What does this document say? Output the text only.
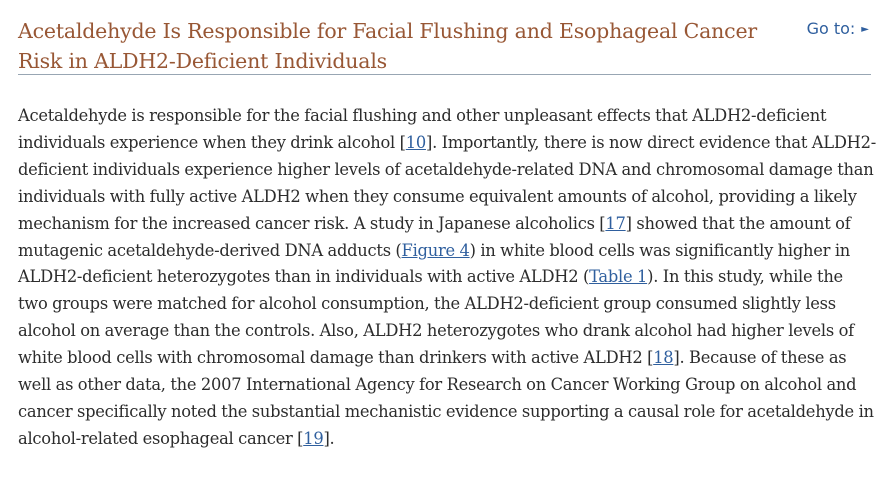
Acetaldehyde Is Responsible for Facial Flushing and Esophageal Cancer Risk in ALDH2-Deficient Individuals
Go to: ►

Acetaldehyde is responsible for the facial flushing and other unpleasant effects that ALDH2-deficient individuals experience when they drink alcohol [10]. Importantly, there is now direct evidence that ALDH2-deficient individuals experience higher levels of acetaldehyde-related DNA and chromosomal damage than individuals with fully active ALDH2 when they consume equivalent amounts of alcohol, providing a likely mechanism for the increased cancer risk. A study in Japanese alcoholics [17] showed that the amount of mutagenic acetaldehyde-derived DNA adducts (Figure 4) in white blood cells was significantly higher in ALDH2-deficient heterozygotes than in individuals with active ALDH2 (Table 1). In this study, while the two groups were matched for alcohol consumption, the ALDH2-deficient group consumed slightly less alcohol on average than the controls. Also, ALDH2 heterozygotes who drank alcohol had higher levels of white blood cells with chromosomal damage than drinkers with active ALDH2 [18]. Because of these as well as other data, the 2007 International Agency for Research on Cancer Working Group on alcohol and cancer specifically noted the substantial mechanistic evidence supporting a causal role for acetaldehyde in alcohol-related esophageal cancer [19].
